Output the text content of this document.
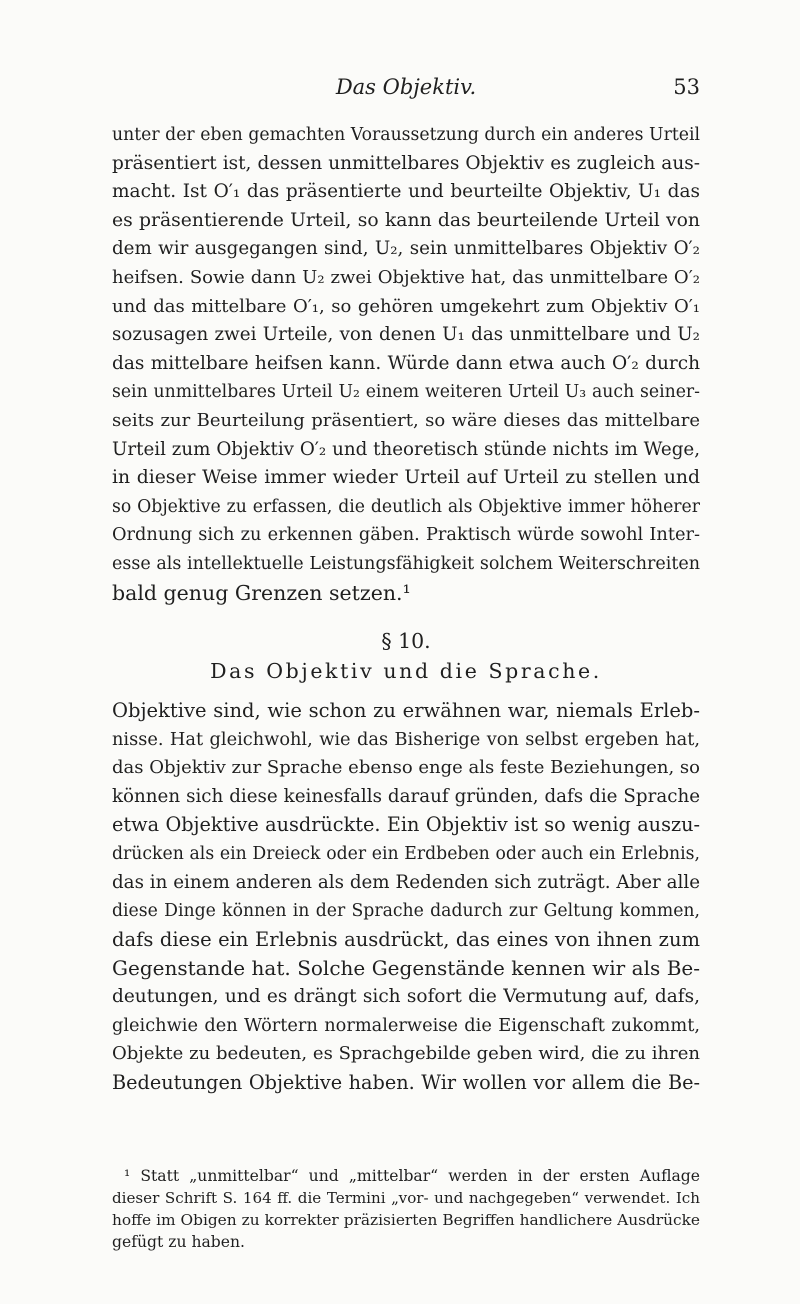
Das Objektiv.	53
unter der eben gemachten Voraussetzung durch ein anderes Urteil
präsentiert ist, dessen unmittelbares Objektiv es zugleich aus-
macht. Ist O′₁ das präsentierte und beurteilte Objektiv, U₁ das
es präsentierende Urteil, so kann das beurteilende Urteil von
dem wir ausgegangen sind, U₂, sein unmittelbares Objektiv O′₂
heifsen. Sowie dann U₂ zwei Objektive hat, das unmittelbare O′₂
und das mittelbare O′₁, so gehören umgekehrt zum Objektiv O′₁
sozusagen zwei Urteile, von denen U₁ das unmittelbare und U₂
das mittelbare heifsen kann. Würde dann etwa auch O′₂ durch
sein unmittelbares Urteil U₂ einem weiteren Urteil U₃ auch seiner-
seits zur Beurteilung präsentiert, so wäre dieses das mittelbare
Urteil zum Objektiv O′₂ und theoretisch stünde nichts im Wege,
in dieser Weise immer wieder Urteil auf Urteil zu stellen und
so Objektive zu erfassen, die deutlich als Objektive immer höherer
Ordnung sich zu erkennen gäben. Praktisch würde sowohl Inter-
esse als intellektuelle Leistungsfähigkeit solchem Weiterschreiten
bald genug Grenzen setzen.¹
§ 10.
Das Objektiv und die Sprache.
Objektive sind, wie schon zu erwähnen war, niemals Erleb-
nisse. Hat gleichwohl, wie das Bisherige von selbst ergeben hat,
das Objektiv zur Sprache ebenso enge als feste Beziehungen, so
können sich diese keinesfalls darauf gründen, dafs die Sprache
etwa Objektive ausdrückte. Ein Objektiv ist so wenig auszu-
drücken als ein Dreieck oder ein Erdbeben oder auch ein Erlebnis,
das in einem anderen als dem Redenden sich zuträgt. Aber alle
diese Dinge können in der Sprache dadurch zur Geltung kommen,
dafs diese ein Erlebnis ausdrückt, das eines von ihnen zum
Gegenstande hat. Solche Gegenstände kennen wir als Be-
deutungen, und es drängt sich sofort die Vermutung auf, dafs,
gleichwie den Wörtern normalerweise die Eigenschaft zukommt,
Objekte zu bedeuten, es Sprachgebilde geben wird, die zu ihren
Bedeutungen Objektive haben. Wir wollen vor allem die Be-
¹ Statt „unmittelbar“ und „mittelbar“ werden in der ersten Auflage
dieser Schrift S. 164 ff. die Termini „vor- und nachgegeben“ verwendet. Ich
hoffe im Obigen zu korrekter präzisierten Begriffen handlichere Ausdrücke
gefügt zu haben.
